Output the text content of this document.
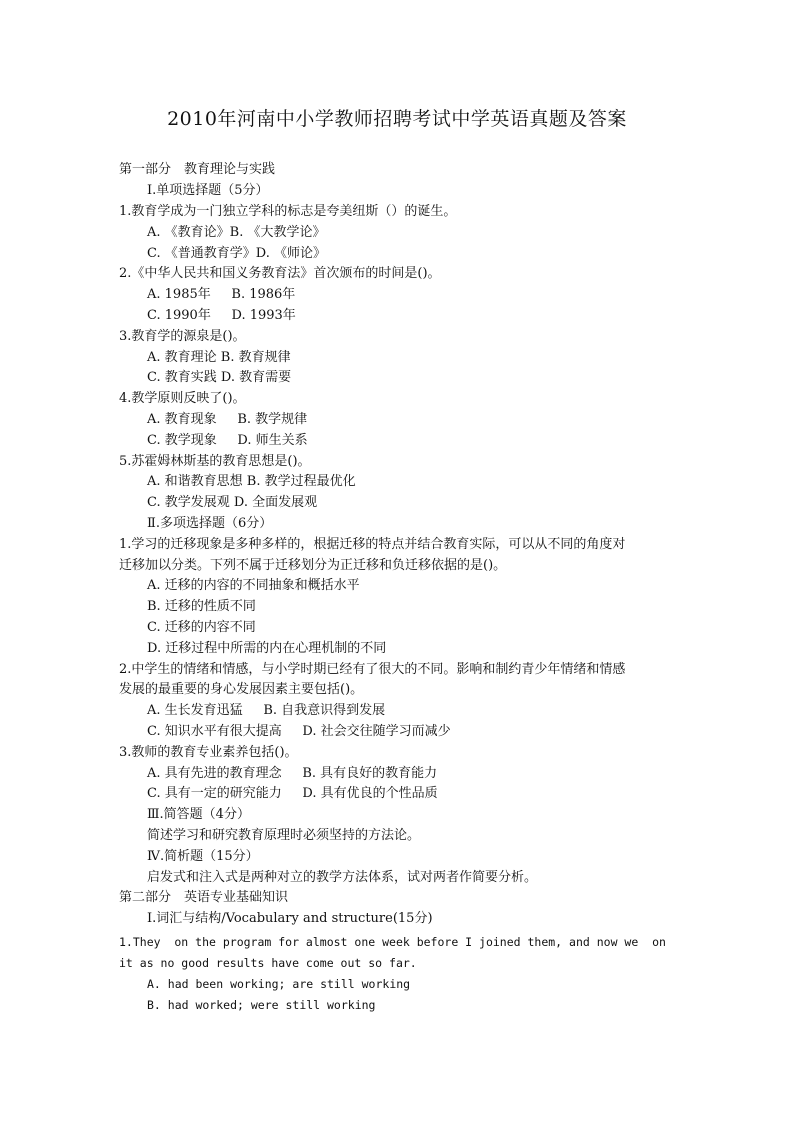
2010年河南中小学教师招聘考试中学英语真题及答案
第一部分　教育理论与实践
Ⅰ.单项选择题（5分）
1.教育学成为一门独立学科的标志是夸美纽斯（）的诞生。
A. 《教育论》B. 《大教学论》
C. 《普通教育学》D. 《师论》
2.《中华人民共和国义务教育法》首次颁布的时间是()。
A. 1985年     B. 1986年
C. 1990年     D. 1993年
3.教育学的源泉是()。
A. 教育理论 B. 教育规律
C. 教育实践 D. 教育需要
4.教学原则反映了()。
A. 教育现象     B. 教学规律
C. 教学现象     D. 师生关系
5.苏霍姆林斯基的教育思想是()。
A. 和谐教育思想 B. 教学过程最优化
C. 教学发展观 D. 全面发展观
Ⅱ.多项选择题（6分）
1.学习的迁移现象是多种多样的，根据迁移的特点并结合教育实际，可以从不同的角度对
迁移加以分类。下列不属于迁移划分为正迁移和负迁移依据的是()。
A. 迁移的内容的不同抽象和概括水平
B. 迁移的性质不同
C. 迁移的内容不同
D. 迁移过程中所需的内在心理机制的不同
2.中学生的情绪和情感，与小学时期已经有了很大的不同。影响和制约青少年情绪和情感
发展的最重要的身心发展因素主要包括()。
A. 生长发育迅猛     B. 自我意识得到发展
C. 知识水平有很大提高     D. 社会交往随学习而减少
3.教师的教育专业素养包括()。
A. 具有先进的教育理念     B. 具有良好的教育能力
C. 具有一定的研究能力     D. 具有优良的个性品质
Ⅲ.简答题（4分）
简述学习和研究教育原理时必须坚持的方法论。
Ⅳ.简析题（15分）
启发式和注入式是两种对立的教学方法体系，试对两者作简要分析。
第二部分　英语专业基础知识
Ⅰ.词汇与结构/Vocabulary and structure(15分)
1.They  on the program for almost one week before I joined them, and now we  on
it as no good results have come out so far.
A. had been working; are still working
B. had worked; were still working
